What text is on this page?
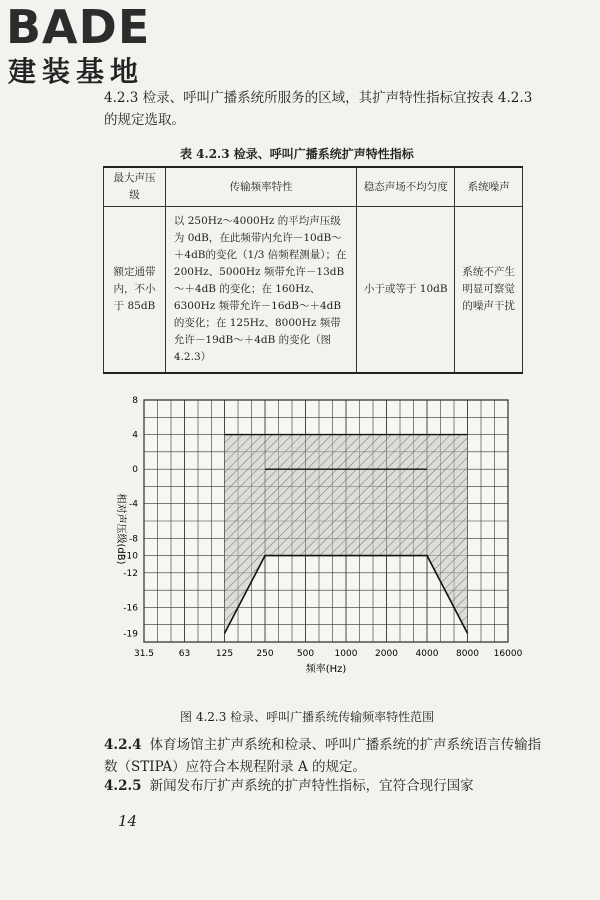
BADE
建装基地
4.2.3 检录、呼叫广播系统所服务的区域，其扩声特性指标宜按表 4.2.3 的规定选取。
表 4.2.3 检录、呼叫广播系统扩声特性指标
最大声压级	传输频率特性	稳态声场不均匀度	系统噪声
额定通带内，不小于 85dB	以 250Hz～4000Hz 的平均声压级为 0dB，在此频带内允许－10dB～＋4dB的变化（1/3 倍频程测量）；在 200Hz、5000Hz 频带允许－13dB～＋4dB 的变化；在 160Hz、6300Hz 频带允许－16dB～＋4dB 的变化；在 125Hz、8000Hz 频带允许－19dB～＋4dB 的变化（图 4.2.3）	小于或等于 10dB	系统不产生明显可察觉的噪声干扰
31.5	63	125	250	500 1000 2000 4000 8000 16000
8
4
0
-4
-8
-10
-12
-16
-19
频率(Hz)
相对声压级(dB)
图 4.2.3 检录、呼叫广播系统传输频率特性范围
4.2.4 体育场馆主扩声系统和检录、呼叫广播系统的扩声系统语言传输指数（STIPA）应符合本规程附录 A 的规定。
4.2.5 新闻发布厅扩声系统的扩声特性指标，宜符合现行国家
14
